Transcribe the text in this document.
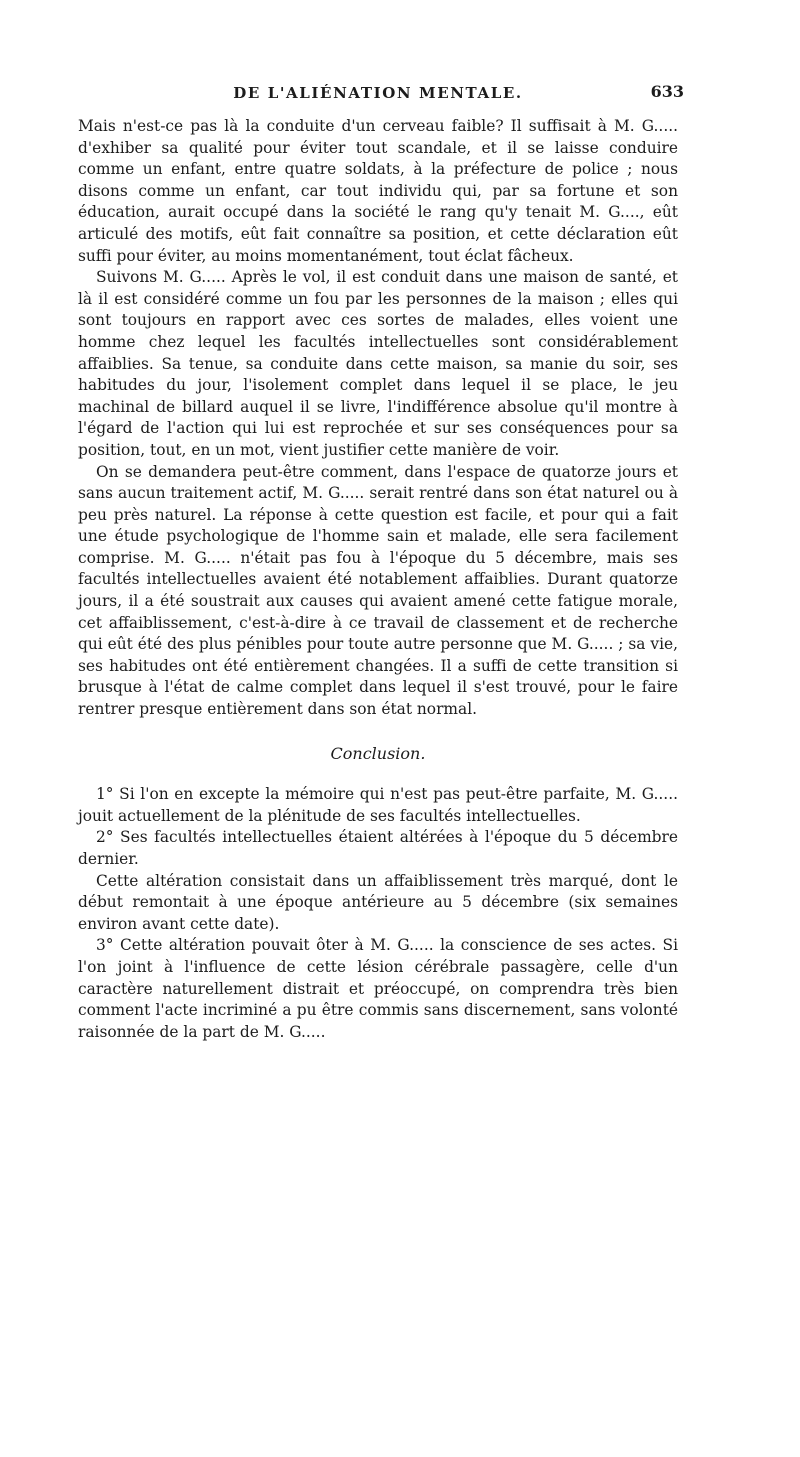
DE L'ALIÉNATION MENTALE.	633

Mais n'est-ce pas là la conduite d'un cerveau faible? Il suffisait à M. G..... d'exhiber sa qualité pour éviter tout scandale, et il se laisse conduire comme un enfant, entre quatre soldats, à la préfecture de police ; nous disons comme un enfant, car tout individu qui, par sa fortune et son éducation, aurait occupé dans la société le rang qu'y tenait M. G...., eût articulé des motifs, eût fait connaître sa position, et cette déclaration eût suffi pour éviter, au moins momentanément, tout éclat fâcheux.

Suivons M. G..... Après le vol, il est conduit dans une maison de santé, et là il est considéré comme un fou par les personnes de la maison ; elles qui sont toujours en rapport avec ces sortes de malades, elles voient une homme chez lequel les facultés intellectuelles sont considérablement affaiblies. Sa tenue, sa conduite dans cette maison, sa manie du soir, ses habitudes du jour, l'isolement complet dans lequel il se place, le jeu machinal de billard auquel il se livre, l'indifférence absolue qu'il montre à l'égard de l'action qui lui est reprochée et sur ses conséquences pour sa position, tout, en un mot, vient justifier cette manière de voir.

On se demandera peut-être comment, dans l'espace de quatorze jours et sans aucun traitement actif, M. G..... serait rentré dans son état naturel ou à peu près naturel. La réponse à cette question est facile, et pour qui a fait une étude psychologique de l'homme sain et malade, elle sera facilement comprise. M. G..... n'était pas fou à l'époque du 5 décembre, mais ses facultés intellectuelles avaient été notablement affaiblies. Durant quatorze jours, il a été soustrait aux causes qui avaient amené cette fatigue morale, cet affaiblissement, c'est-à-dire à ce travail de classement et de recherche qui eût été des plus pénibles pour toute autre personne que M. G..... ; sa vie, ses habitudes ont été entièrement changées. Il a suffi de cette transition si brusque à l'état de calme complet dans lequel il s'est trouvé, pour le faire rentrer presque entièrement dans son état normal.

Conclusion.

1° Si l'on en excepte la mémoire qui n'est pas peut-être parfaite, M. G..... jouit actuellement de la plénitude de ses facultés intellectuelles.

2° Ses facultés intellectuelles étaient altérées à l'époque du 5 décembre dernier.

Cette altération consistait dans un affaiblissement très marqué, dont le début remontait à une époque antérieure au 5 décembre (six semaines environ avant cette date).

3° Cette altération pouvait ôter à M. G..... la conscience de ses actes. Si l'on joint à l'influence de cette lésion cérébrale passagère, celle d'un caractère naturellement distrait et préoccupé, on comprendra très bien comment l'acte incriminé a pu être commis sans discernement, sans volonté raisonnée de la part de M. G.....
